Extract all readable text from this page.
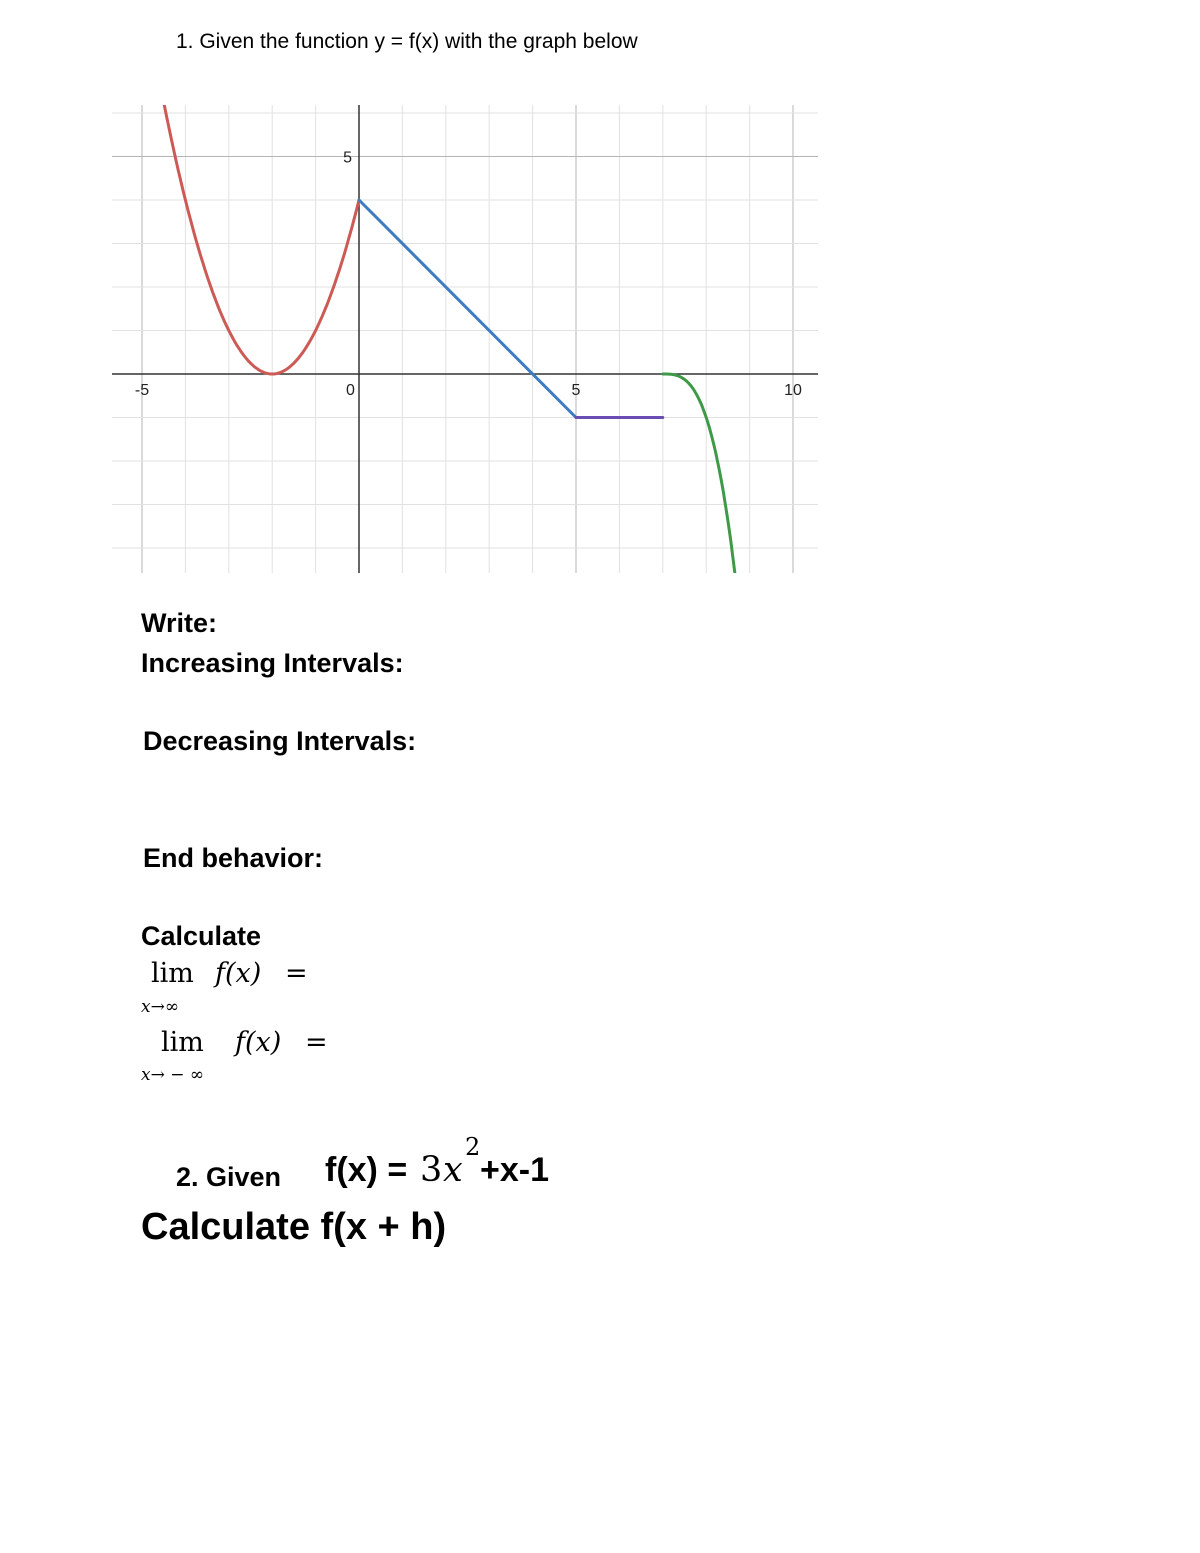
1. Given the function y = f(x) with the graph below
-5	0	5	10
5
Write:
Increasing Intervals:
Decreasing Intervals:
End behavior:
Calculate
lim f(x) =
x→∞
lim f(x) =
x→ − ∞
2. Given f(x) = 3 x
2
+x-1
Calculate f(x + h)
